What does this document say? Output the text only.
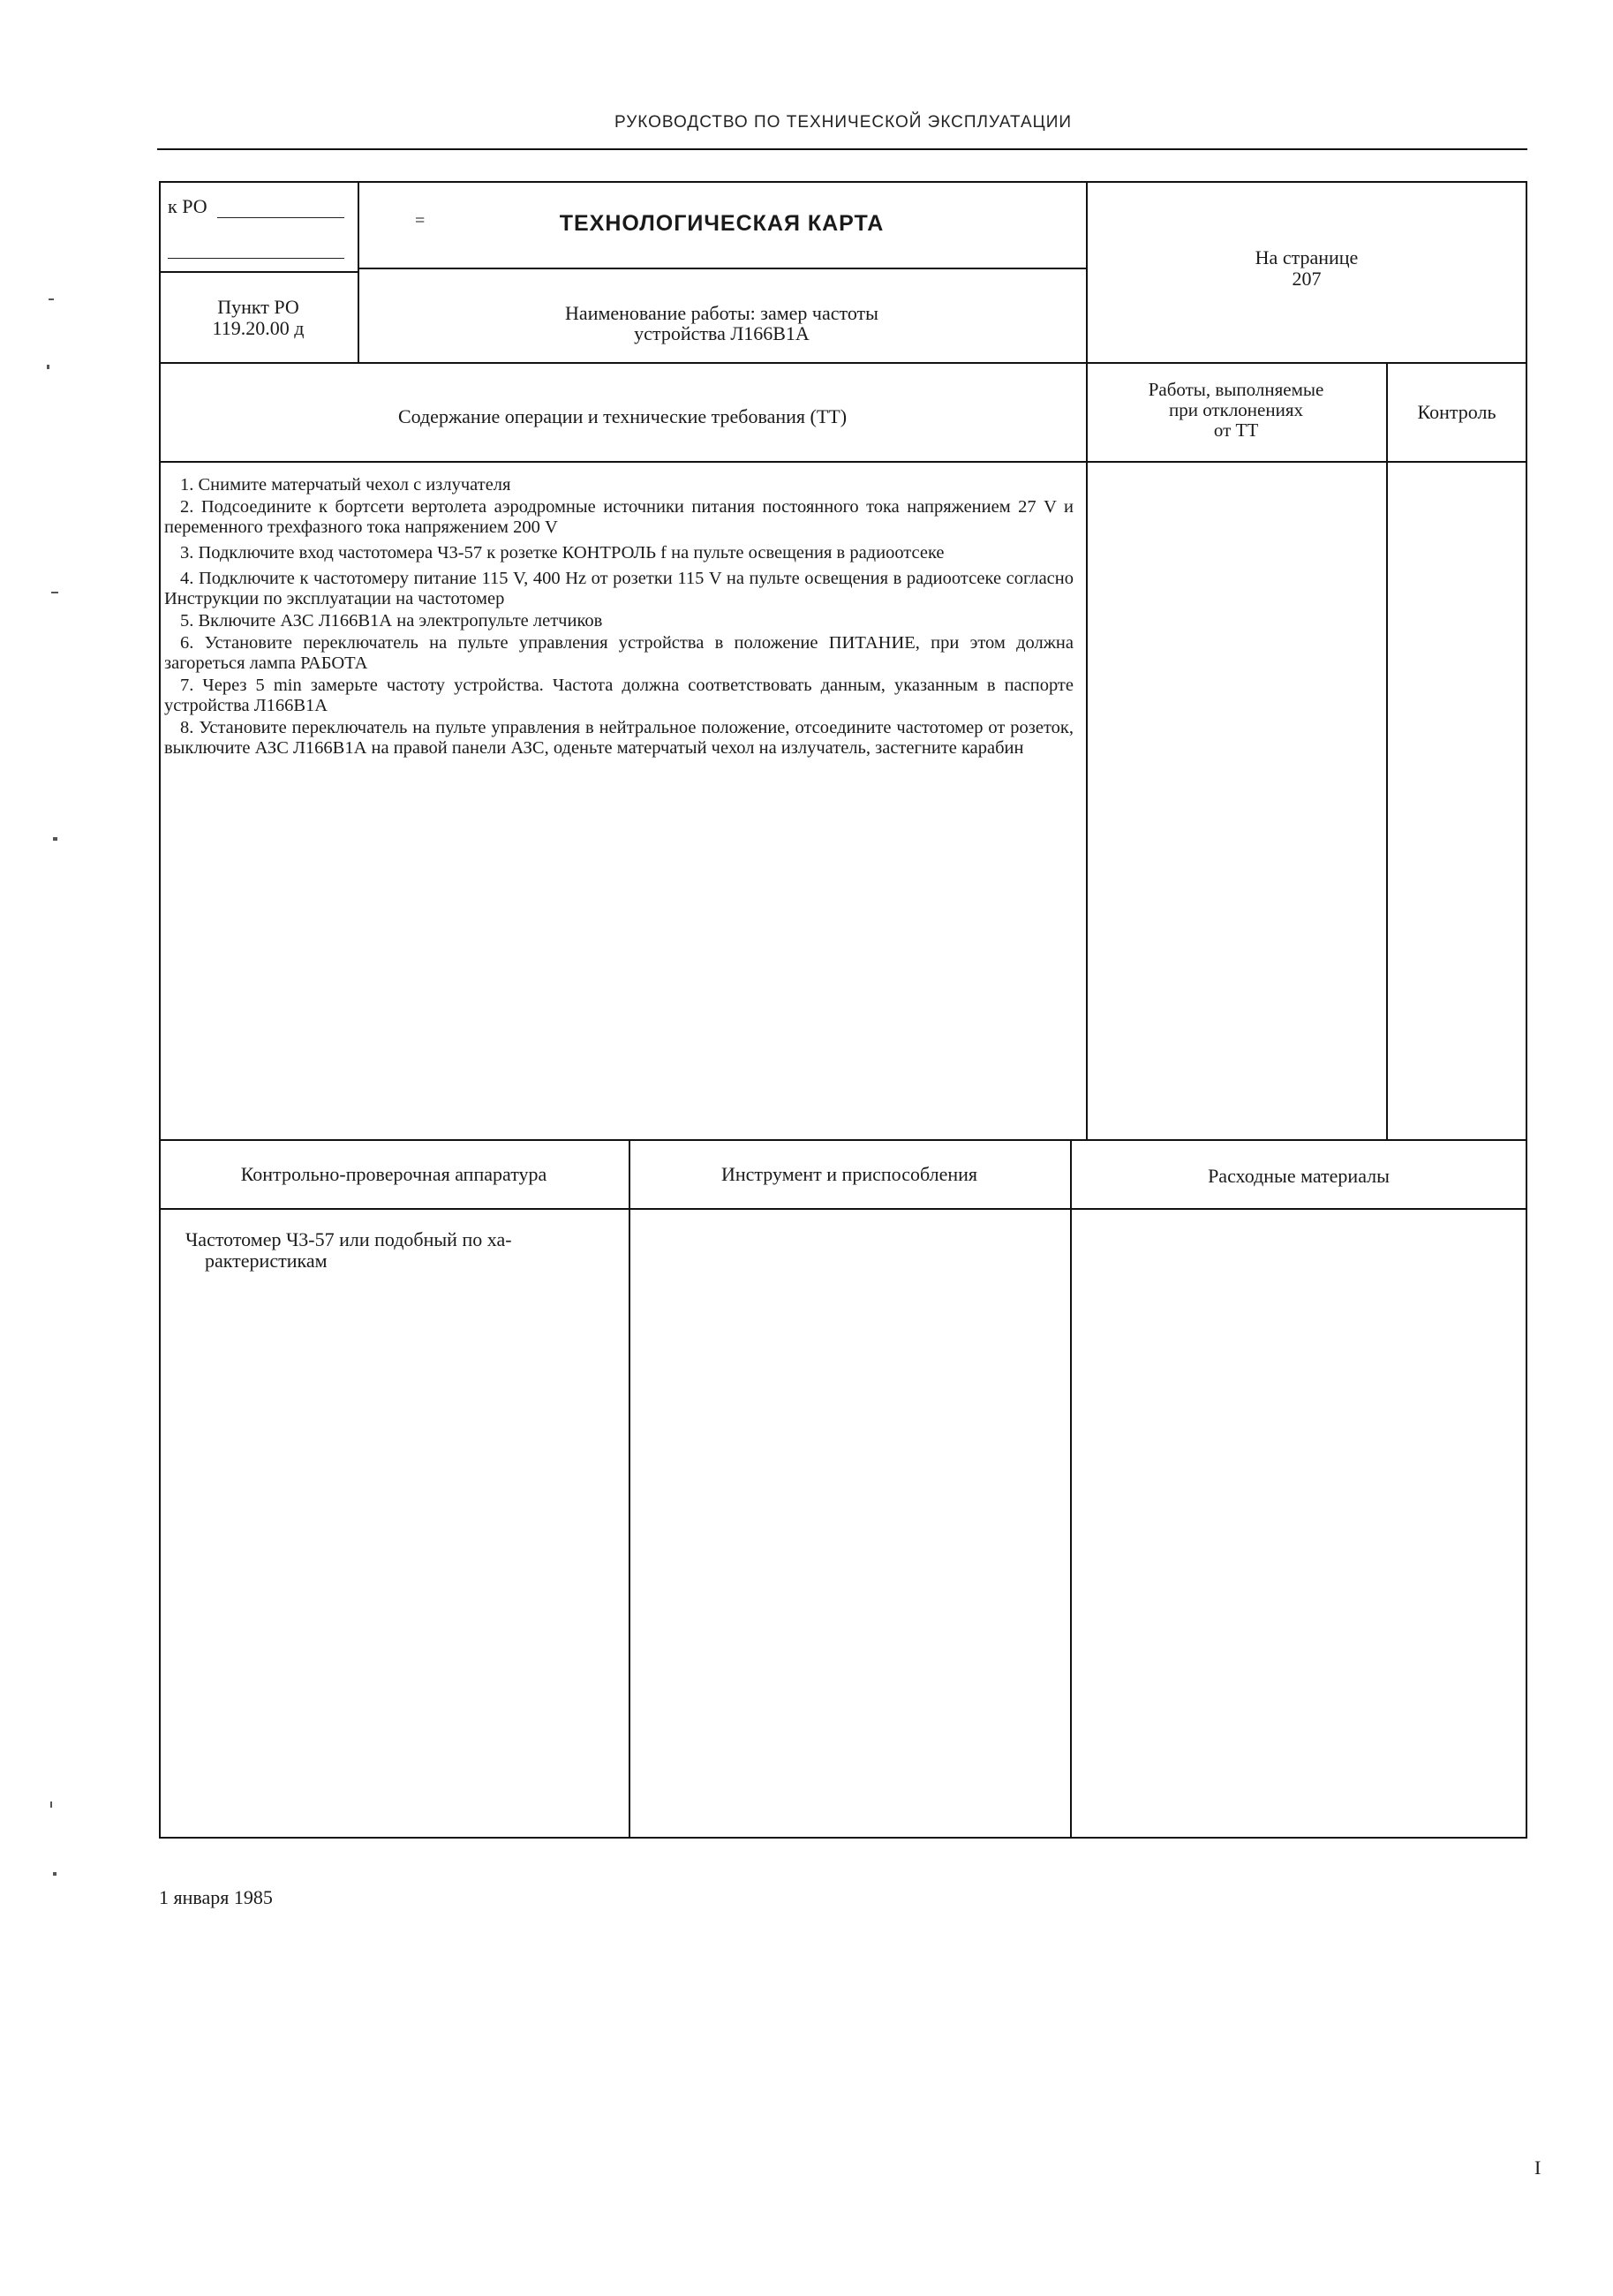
РУКОВОДСТВО ПО ТЕХНИЧЕСКОЙ ЭКСПЛУАТАЦИИ
к РО
ТЕХНОЛОГИЧЕСКАЯ КАРТА
=
На странице
207
Пункт РО
119.20.00 д
Наименование работы: замер частоты
устройства Л166В1А
Содержание операции и технические требования (ТТ)
Работы, выполняемые
при отклонениях
от ТТ
Контроль

1. Снимите матерчатый чехол с излучателя

2. Подсоедините к бортсети вертолета аэродромные источники питания постоянного тока напряжением 27 V и переменного трехфазного тока напряжением 200 V

3. Подключите вход частотомера Ч3-57 к розетке КОНТРОЛЬ f на пульте освещения в радиоотсеке

4. Подключите к частотомеру питание 115 V, 400 Hz от розетки 115 V на пульте освещения в радиоотсеке согласно Инструкции по эксплуатации на частотомер

5. Включите АЗС Л166В1А на электропульте летчиков

6. Установите переключатель на пульте управления устройства в положение ПИТАНИЕ, при этом должна загореться лампа РАБОТА

7. Через 5 min замерьте частоту устройства. Частота должна соответствовать данным, указанным в паспорте устройства Л166В1А

8. Установите переключатель на пульте управления в нейтральное положение, отсоедините частотомер от розеток, выключите АЗС Л166В1А на правой панели АЗС, оденьте матерчатый чехол на излучатель, застегните карабин

Контрольно-проверочная аппаратура	Инструмент и приспособления	Расходные материалы
Частотомер Ч3-57 или подобный по ха-
рактеристикам
1 января 1985
I
